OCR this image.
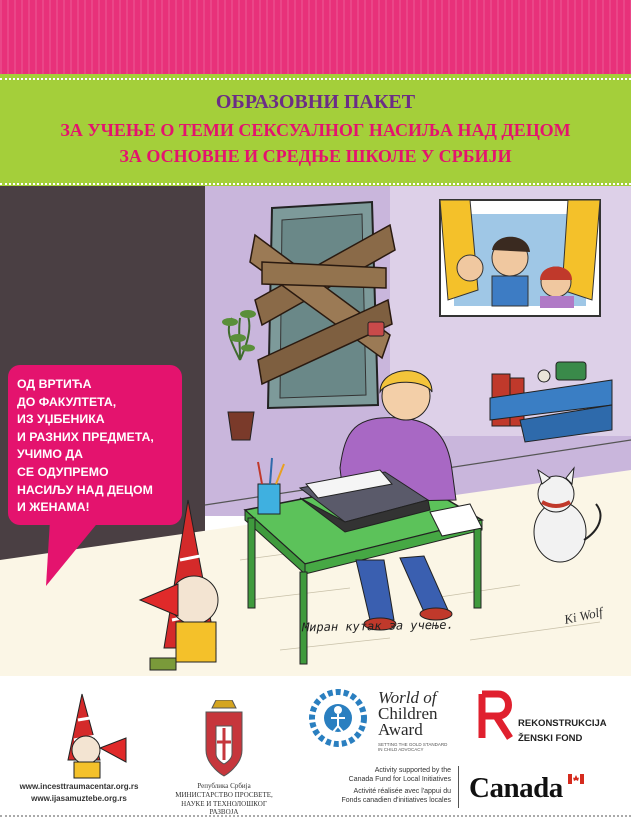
ОБРАЗОВНИ ПАКЕТ
ЗА УЧЕЊЕ О ТЕМИ СЕКСУАЛНОГ НАСИЉА НАД ДЕЦОМ
ЗА ОСНОВНЕ И СРЕДЊЕ ШКОЛЕ У СРБИЈИ
ОД ВРТИЋА
ДО ФАКУЛТЕТА,
ИЗ УЏБЕНИКА
И РАЗНИХ ПРЕДМЕТА,
УЧИМО ДА
СЕ ОДУПРЕМО
НАСИЉУ НАД ДЕЦОМ
И ЖЕНАМА!
Миран кутак за учење.	Ki Wolf
www.incesttraumacentar.org.rs
www.ijasamuztebe.org.rs
Република Србија
МИНИСТАРСТВО ПРОСВЕТЕ,
НАУКЕ И ТЕХНОЛОШКОГ РАЗВОЈА
World of
Children
Award
SETTING THE GOLD STANDARD IN CHILD ADVOCACY
REKONSTRUKCIJA
ŽENSKI FOND
Activity supported by the
Canada Fund for Local Initiatives
Activité réalisée avec l'appui du
Fonds canadien d'initiatives locales Canada
